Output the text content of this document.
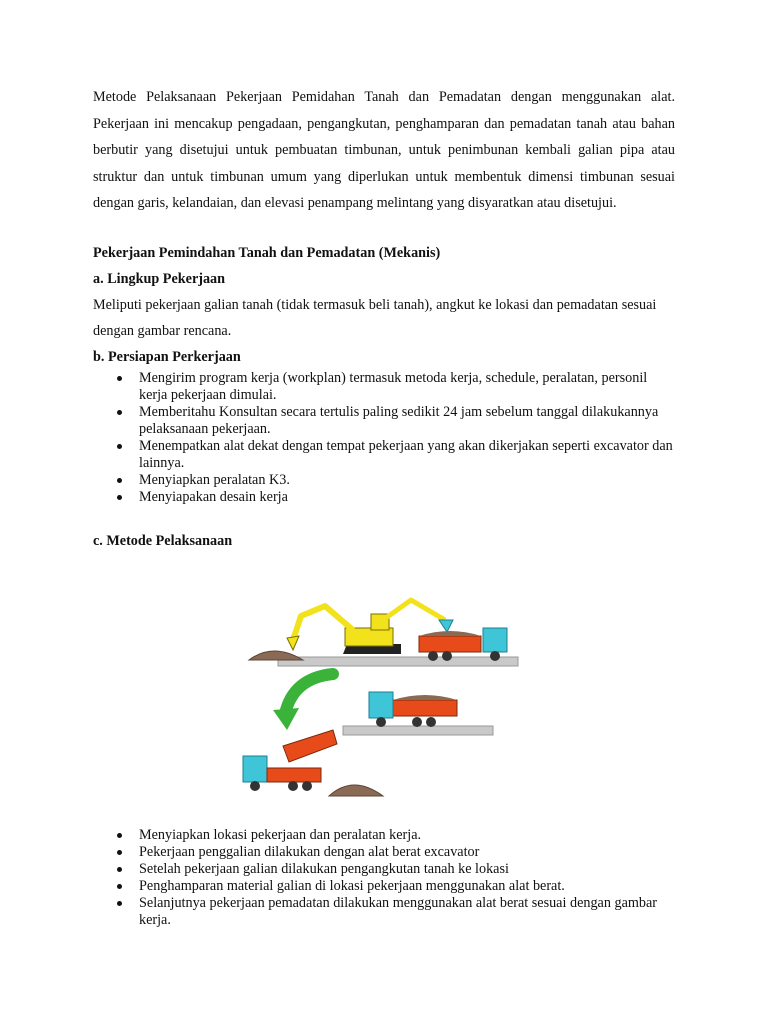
Metode Pelaksanaan Pekerjaan Pemidahan Tanah dan Pemadatan dengan menggunakan alat. Pekerjaan ini mencakup pengadaan, pengangkutan, penghamparan dan pemadatan tanah atau bahan berbutir yang disetujui untuk pembuatan timbunan, untuk penimbunan kembali galian pipa atau struktur dan untuk timbunan umum yang diperlukan untuk membentuk dimensi timbunan sesuai dengan garis, kelandaian, dan elevasi penampang melintang yang disyaratkan atau disetujui.

Pekerjaan Pemindahan Tanah dan Pemadatan (Mekanis)

a. Lingkup Pekerjaan

Meliputi pekerjaan galian tanah (tidak termasuk beli tanah), angkut ke lokasi dan pemadatan sesuai dengan gambar rencana.

b. Persiapan Perkerjaan

Mengirim program kerja (workplan) termasuk metoda kerja, schedule, peralatan, personil kerja pekerjaan dimulai.
Memberitahu Konsultan secara tertulis paling sedikit 24 jam sebelum tanggal dilakukannya pelaksanaan pekerjaan.
Menempatkan alat dekat dengan tempat pekerjaan yang akan dikerjakan seperti excavator dan lainnya.
Menyiapkan peralatan K3.
Menyiapakan desain kerja

c. Metode Pelaksanaan

Menyiapkan lokasi pekerjaan dan peralatan kerja.
Pekerjaan penggalian dilakukan dengan alat berat excavator
Setelah pekerjaan galian dilakukan pengangkutan tanah ke lokasi
Penghamparan material galian di lokasi pekerjaan menggunakan alat berat.
Selanjutnya pekerjaan pemadatan dilakukan menggunakan alat berat sesuai dengan gambar kerja.
